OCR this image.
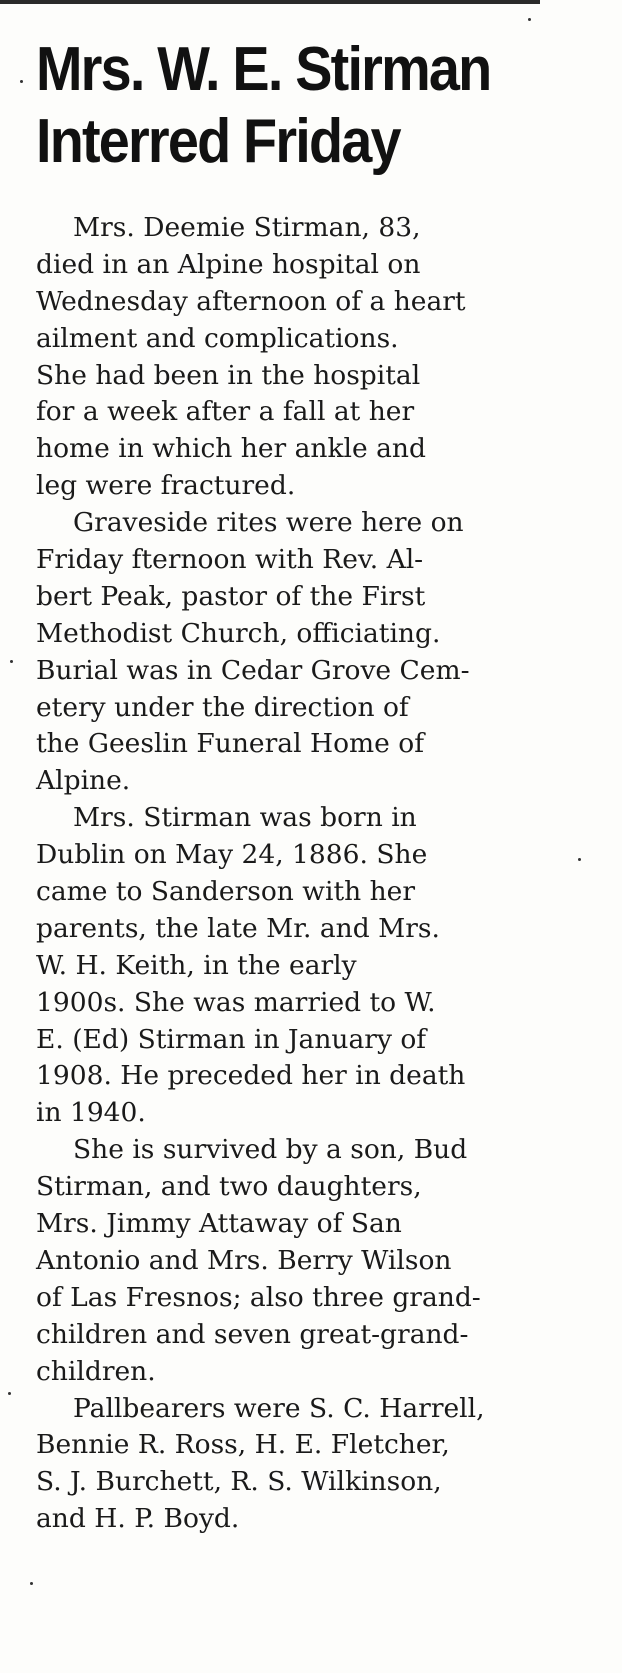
Mrs. W. E. Stirman
Interred Friday

Mrs. Deemie Stirman, 83,
died in an Alpine hospital on
Wednesday afternoon of a heart
ailment and complications.
She had been in the hospital
for a week after a fall at her
home in which her ankle and
leg were fractured.

Graveside rites were here on
Friday fternoon with Rev. Al-
bert Peak, pastor of the First
Methodist Church, officiating.
Burial was in Cedar Grove Cem-
etery under the direction of
the Geeslin Funeral Home of
Alpine.

Mrs. Stirman was born in
Dublin on May 24, 1886. She
came to Sanderson with her
parents, the late Mr. and Mrs.
W. H. Keith, in the early
1900s. She was married to W.
E. (Ed) Stirman in January of
1908. He preceded her in death
in 1940.

She is survived by a son, Bud
Stirman, and two daughters,
Mrs. Jimmy Attaway of San
Antonio and Mrs. Berry Wilson
of Las Fresnos; also three grand-
children and seven great-grand-
children.

Pallbearers were S. C. Harrell,
Bennie R. Ross, H. E. Fletcher,
S. J. Burchett, R. S. Wilkinson,
and H. P. Boyd.
